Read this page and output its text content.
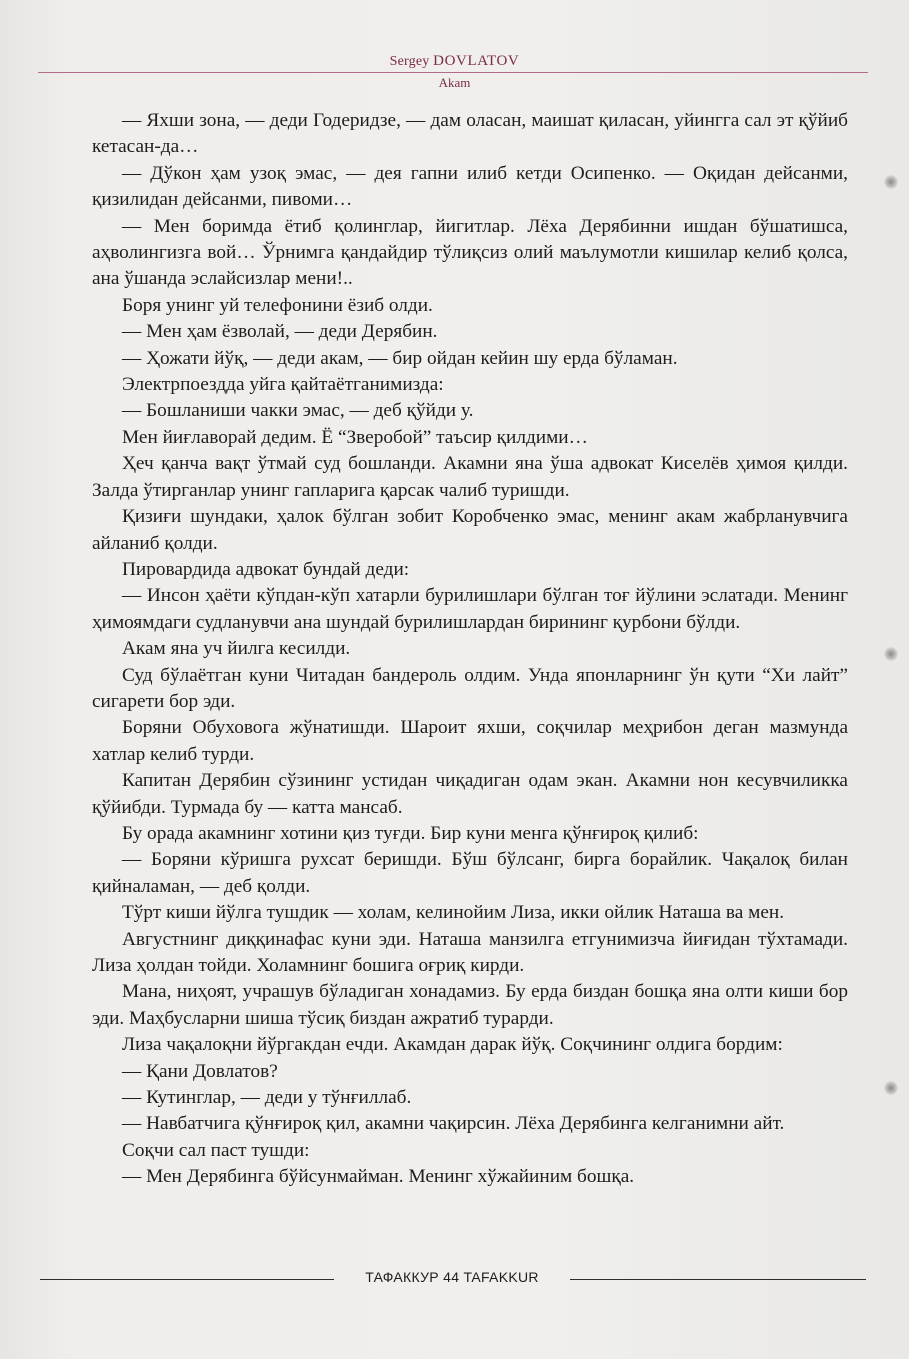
Sergey DOVLATOV
Akam

— Яхши зона, — деди Годеридзе, — дам оласан, маишат қиласан, уйингга сал эт қўйиб кетасан-да…

— Дўкон ҳам узоқ эмас, — дея гапни илиб кетди Осипенко. — Оқидан дейсанми, қизилидан дейсанми, пивоми…

— Мен боримда ётиб қолинглар, йигитлар. Лёха Дерябинни ишдан бўшатишса, аҳволингизга вой… Ўрнимга қандайдир тўлиқсиз олий маълумотли кишилар келиб қолса, ана ўшанда эслайсизлар мени!..

Боря унинг уй телефонини ёзиб олди.

— Мен ҳам ёзволай, — деди Дерябин.

— Ҳожати йўқ, — деди акам, — бир ойдан кейин шу ерда бўламан.

Электрпоездда уйга қайтаётганимизда:

— Бошланиши чакки эмас, — деб қўйди у.

Мен йиғлаворай дедим. Ё “Зверобой” таъсир қилдими…

Ҳеч қанча вақт ўтмай суд бошланди. Акамни яна ўша адвокат Киселёв ҳимоя қилди. Залда ўтирганлар унинг гапларига қарсак чалиб туришди.

Қизиғи шундаки, ҳалок бўлган зобит Коробченко эмас, менинг акам жабрланувчига айланиб қолди.

Пировардида адвокат бундай деди:

— Инсон ҳаёти кўпдан-кўп хатарли бурилишлари бўлган тоғ йўлини эслатади. Менинг ҳимоямдаги судланувчи ана шундай бурилишлардан бирининг қурбони бўлди.

Акам яна уч йилга кесилди.

Суд бўлаётган куни Читадан бандероль олдим. Унда японларнинг ўн қути “Хи лайт” сигарети бор эди.

Боряни Обуховога жўнатишди. Шароит яхши, соқчилар меҳрибон деган мазмунда хатлар келиб турди.

Капитан Дерябин сўзининг устидан чиқадиган одам экан. Акамни нон кесувчиликка қўйибди. Турмада бу — катта мансаб.

Бу орада акамнинг хотини қиз туғди. Бир куни менга қўнғироқ қилиб:

— Боряни кўришга рухсат беришди. Бўш бўлсанг, бирга борайлик. Чақалоқ билан қийналаман, — деб қолди.

Тўрт киши йўлга тушдик — холам, келинойим Лиза, икки ойлик Наташа ва мен.

Августнинг диққинафас куни эди. Наташа манзилга етгунимизча йиғидан тўхтамади. Лиза ҳолдан тойди. Холамнинг бошига оғриқ кирди.

Мана, ниҳоят, учрашув бўладиган хонадамиз. Бу ерда биздан бошқа яна олти киши бор эди. Маҳбусларни шиша тўсиқ биздан ажратиб турарди.

Лиза чақалоқни йўргакдан ечди. Акамдан дарак йўқ. Соқчининг олдига бордим:

— Қани Довлатов?

— Кутинглар, — деди у тўнғиллаб.

— Навбатчига қўнғироқ қил, акамни чақирсин. Лёха Дерябинга келганимни айт.

Соқчи сал паст тушди:

— Мен Дерябинга бўйсунмайман. Менинг хўжайиним бошқа.

ТАФАККУР 44 TAFAKKUR
